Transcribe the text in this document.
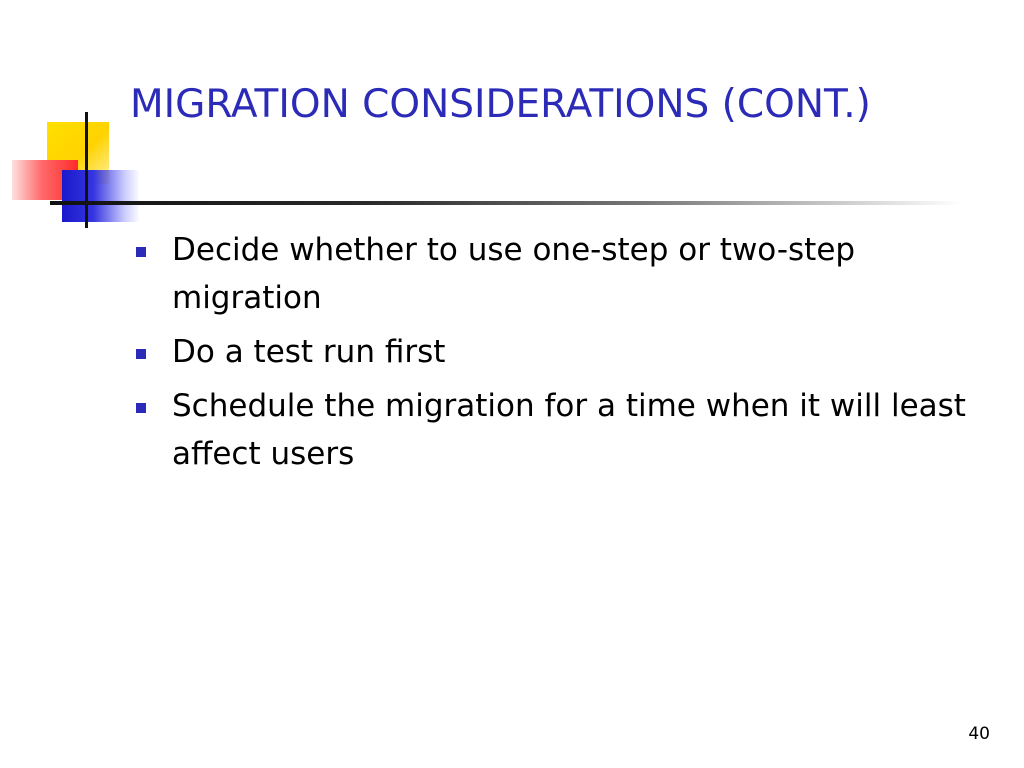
MIGRATION CONSIDERATIONS (CONT.)
Decide whether to use one-step or two-step migration
Do a test run first
Schedule the migration for a time when it will least affect users
40
